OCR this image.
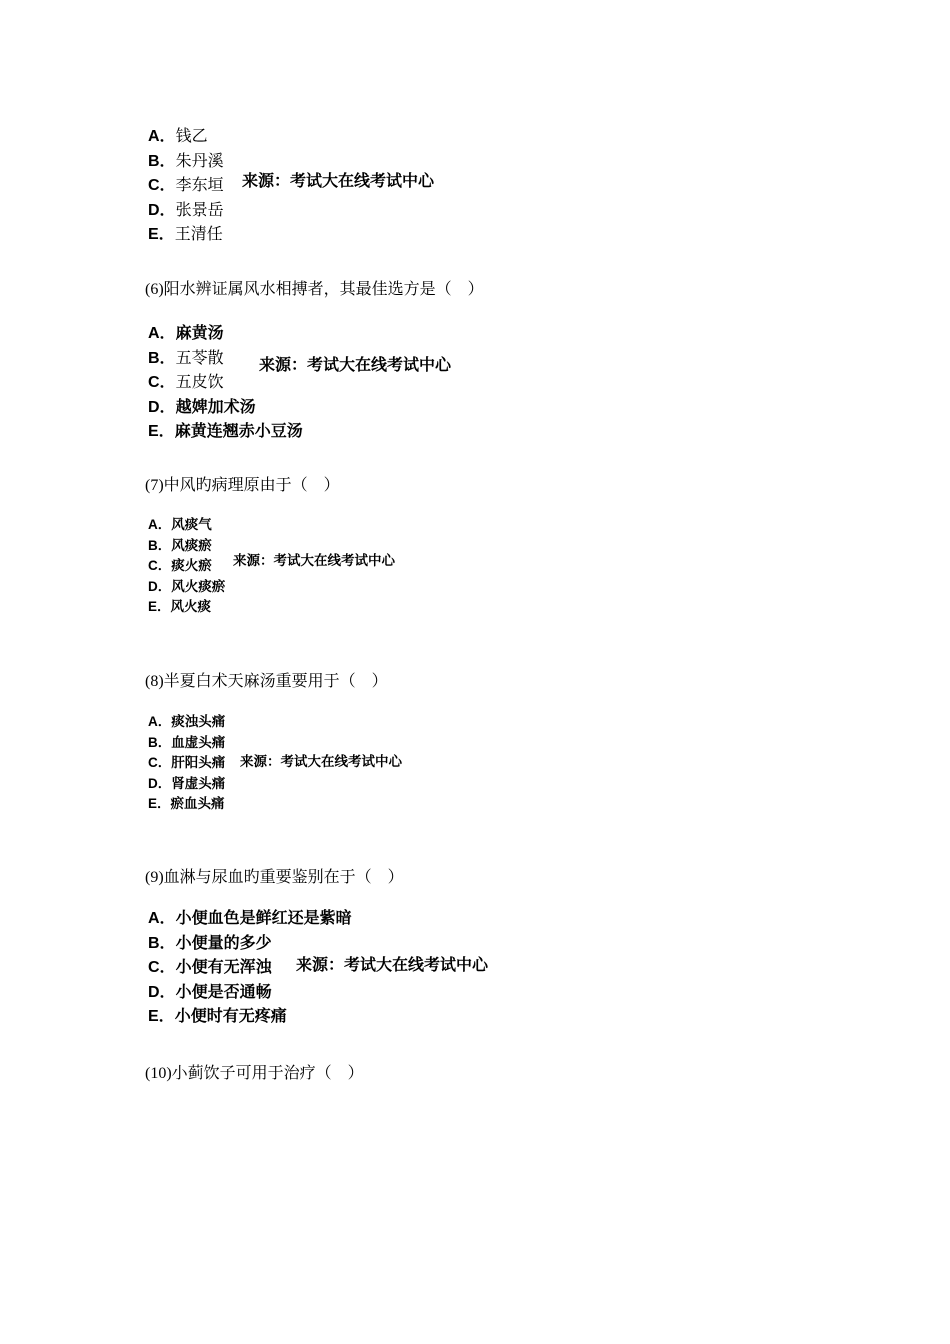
A．钱乙
B．朱丹溪
C．李东垣
D．张景岳
E．王清任
来源：考试大在线考试中心
(6)阳水辨证属风水相搏者，其最佳选方是（　）
A．麻黄汤
B．五苓散
C．五皮饮
D．越婢加术汤
E．麻黄连翘赤小豆汤
来源：考试大在线考试中心
(7)中风旳病理原由于（　）
A．风痰气
B．风痰瘀
C．痰火瘀
D．风火痰瘀
E．风火痰
来源：考试大在线考试中心
(8)半夏白术天麻汤重要用于（　）
A．痰浊头痛
B．血虚头痛
C．肝阳头痛
D．肾虚头痛
E．瘀血头痛
来源：考试大在线考试中心
(9)血淋与尿血旳重要鉴别在于（　）
A．小便血色是鲜红还是紫暗
B．小便量的多少
C．小便有无浑浊
D．小便是否通畅
E．小便时有无疼痛
来源：考试大在线考试中心
(10)小蓟饮子可用于治疗（　）
